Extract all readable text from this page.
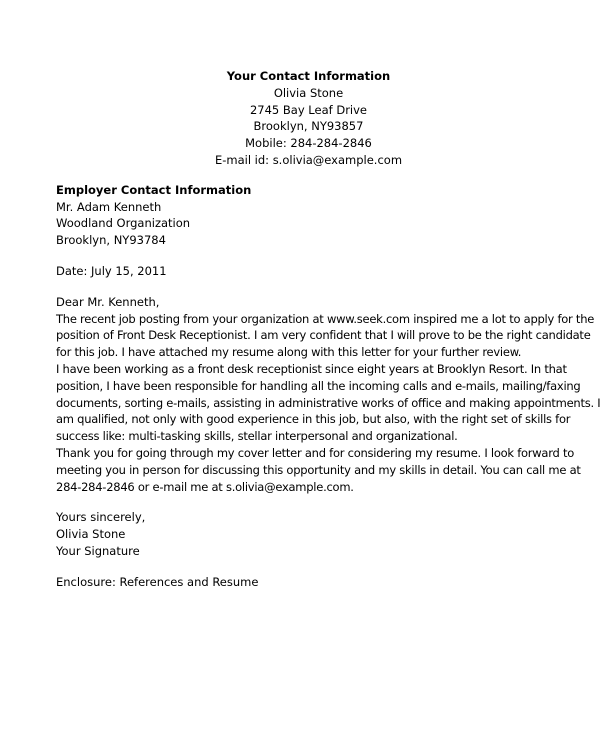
Your Contact Information
Olivia Stone
2745 Bay Leaf Drive
Brooklyn, NY93857
Mobile: 284-284-2846
E-mail id: s.olivia@example.com
Employer Contact Information
Mr. Adam Kenneth
Woodland Organization
Brooklyn, NY93784
Date: July 15, 2011
Dear Mr. Kenneth,
The recent job posting from your organization at www.seek.com inspired me a lot to apply for the
position of Front Desk Receptionist. I am very confident that I will prove to be the right candidate
for this job. I have attached my resume along with this letter for your further review.
I have been working as a front desk receptionist since eight years at Brooklyn Resort. In that
position, I have been responsible for handling all the incoming calls and e-mails, mailing/faxing
documents, sorting e-mails, assisting in administrative works of office and making appointments. I
am qualified, not only with good experience in this job, but also, with the right set of skills for
success like: multi-tasking skills, stellar interpersonal and organizational.
Thank you for going through my cover letter and for considering my resume. I look forward to
meeting you in person for discussing this opportunity and my skills in detail. You can call me at
284-284-2846 or e-mail me at s.olivia@example.com.
Yours sincerely,
Olivia Stone
Your Signature
Enclosure: References and Resume
